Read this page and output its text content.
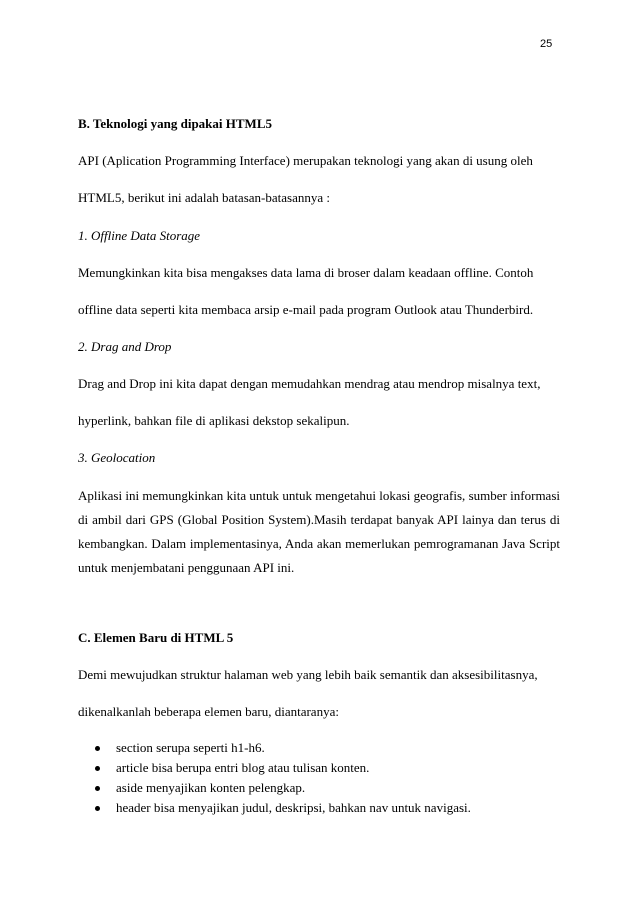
25

B. Teknologi yang dipakai HTML5

API (Aplication Programming Interface) merupakan teknologi yang akan di usung oleh

HTML5, berikut ini adalah batasan-batasannya :

1. Offline Data Storage

Memungkinkan kita bisa mengakses data lama di broser dalam keadaan offline. Contoh

offline data seperti kita membaca arsip e-mail pada program Outlook atau Thunderbird.

2. Drag and Drop

Drag and Drop ini kita dapat dengan memudahkan mendrag atau mendrop misalnya text,

hyperlink, bahkan file di aplikasi dekstop sekalipun.

3. Geolocation

Aplikasi ini memungkinkan kita untuk untuk mengetahui lokasi geografis, sumber informasi di ambil dari GPS (Global Position System).Masih terdapat banyak API lainya dan terus di kembangkan. Dalam implementasinya, Anda akan memerlukan pemrogramanan Java Script untuk menjembatani penggunaan API ini.

C. Elemen Baru di HTML 5

Demi mewujudkan struktur halaman web yang lebih baik semantik dan aksesibilitasnya,

dikenalkanlah beberapa elemen baru, diantaranya:

section serupa seperti h1-h6.
article bisa berupa entri blog atau tulisan konten.
aside menyajikan konten pelengkap.
header bisa menyajikan judul, deskripsi, bahkan nav untuk navigasi.
